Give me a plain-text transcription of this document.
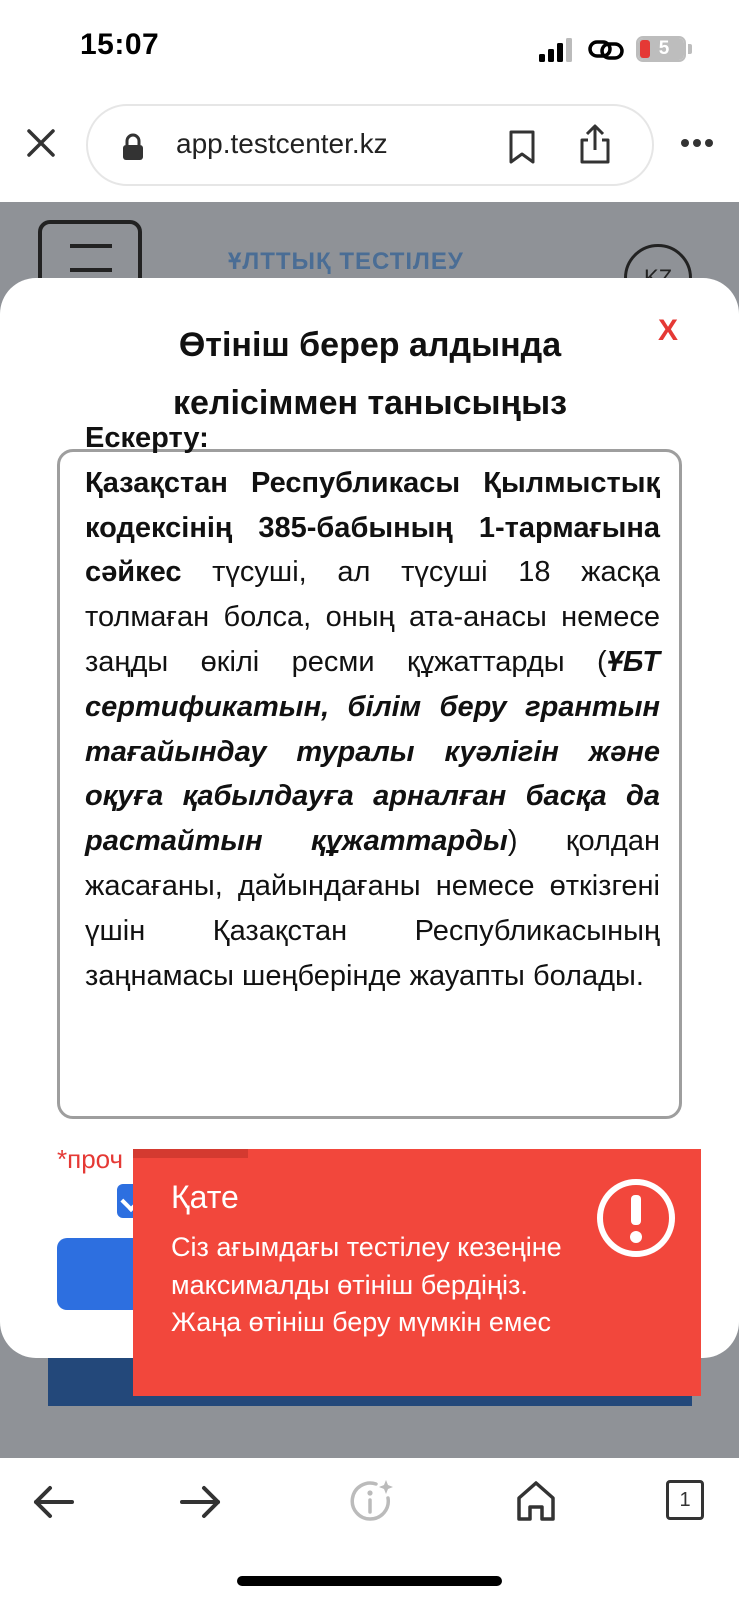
15:07	5
app.testcenter.kz
ҰЛТТЫҚ ТЕСТІЛЕУ
Өтініш берер алдында
келісіммен танысыңыз
X
Ескерту:
Қазақстан Республикасы Қылмыстық кодексінің 385-бабының 1-тармағына сәйкес түсуші, ал түсуші 18 жасқа толмаған болса, оның ата-анасы немесе заңды өкілі ресми құжаттарды (ҰБТ сертификатын, білім беру грантын тағайындау туралы куәлігін және оқуға қабылдауға арналған басқа да растайтын құжаттарды) қолдан жасағаны, дайындағаны немесе өткізгені үшін Қазақстан Республикасының заңнамасы шеңберінде жауапты болады.
*проч
Қате
Сіз ағымдағы тестілеу кезеңіне максималды өтініш бердіңіз. Жаңа өтініш беру мүмкін емес
1
